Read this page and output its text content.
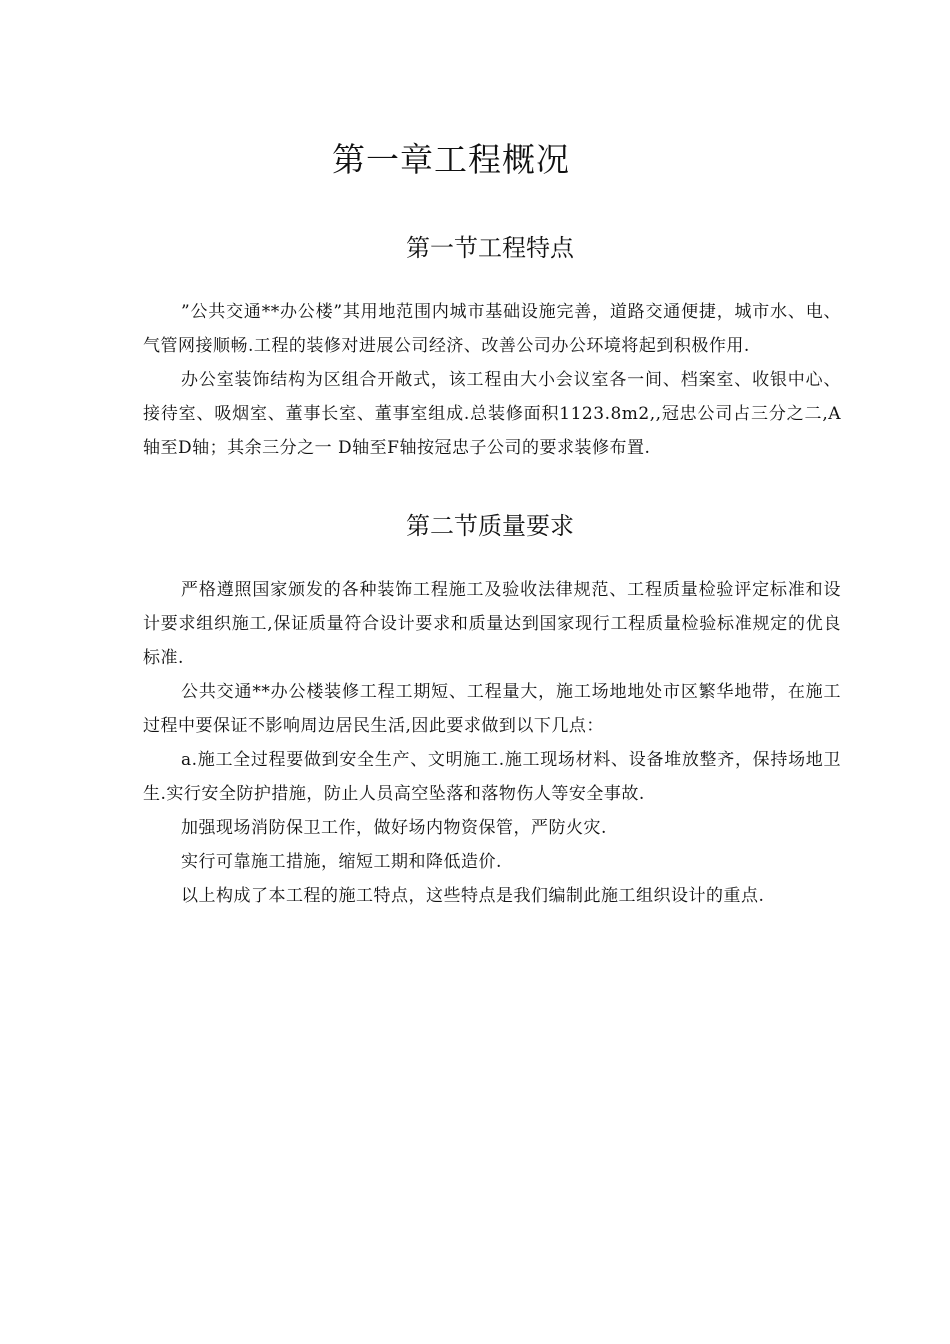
第一章工程概况
第一节工程特点

”公共交通**办公楼”其用地范围内城市基础设施完善，道路交通便捷，城市水、电、气管网接顺畅.工程的装修对进展公司经济、改善公司办公环境将起到积极作用.

办公室装饰结构为区组合开敞式，该工程由大小会议室各一间、档案室、收银中心、接待室、吸烟室、董事长室、董事室组成.总装修面积1123.8m2,,冠忠公司占三分之二,A轴至D轴；其余三分之一 D轴至F轴按冠忠子公司的要求装修布置.

第二节质量要求

严格遵照国家颁发的各种装饰工程施工及验收法律规范、工程质量检验评定标准和设计要求组织施工,保证质量符合设计要求和质量达到国家现行工程质量检验标准规定的优良标准.

公共交通**办公楼装修工程工期短、工程量大，施工场地地处市区繁华地带，在施工过程中要保证不影响周边居民生活,因此要求做到以下几点：

a.施工全过程要做到安全生产、文明施工.施工现场材料、设备堆放整齐，保持场地卫生.实行安全防护措施，防止人员高空坠落和落物伤人等安全事故.

加强现场消防保卫工作，做好场内物资保管，严防火灾.

实行可靠施工措施，缩短工期和降低造价.

以上构成了本工程的施工特点，这些特点是我们编制此施工组织设计的重点.
